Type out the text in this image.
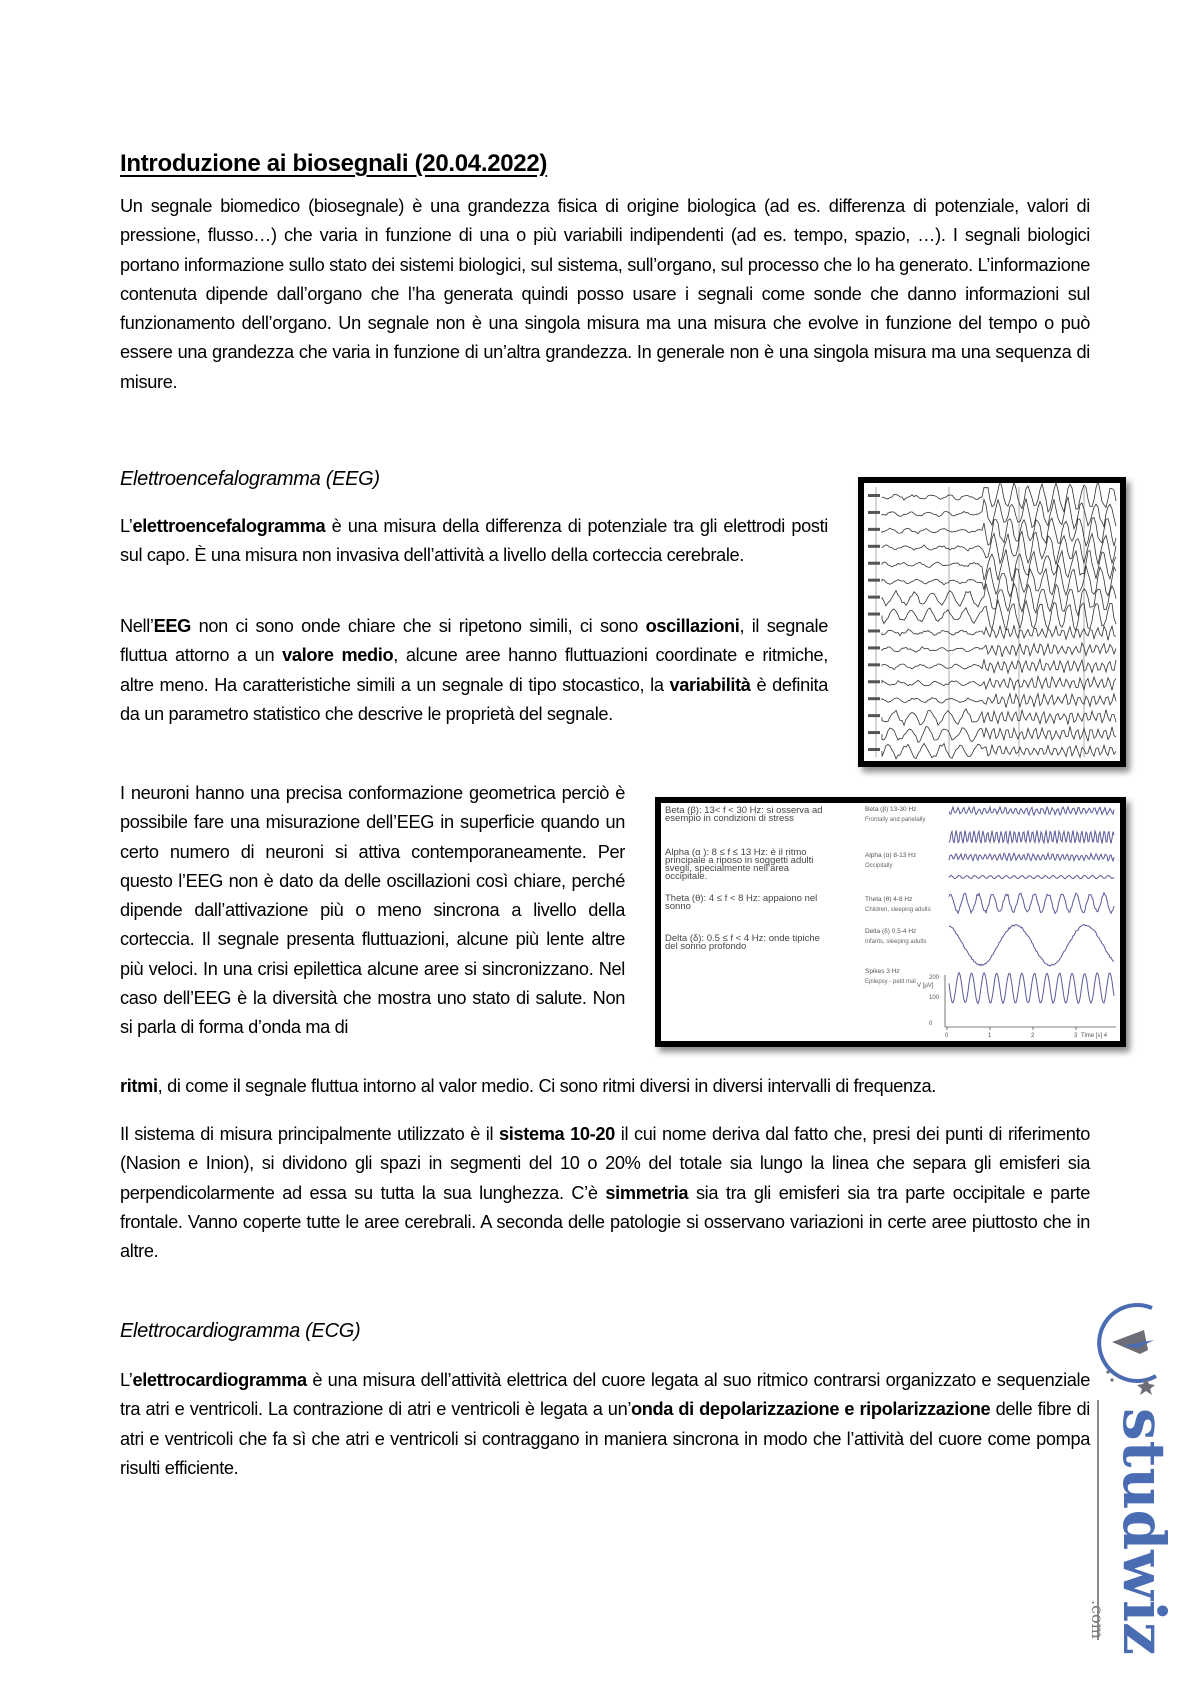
Introduzione ai biosegnali (20.04.2022)

Un segnale biomedico (biosegnale) è una grandezza fisica di origine biologica (ad es. differenza di potenziale, valori di pressione, flusso…) che varia in funzione di una o più variabili indipendenti (ad es. tempo, spazio, …). I segnali biologici portano informazione sullo stato dei sistemi biologici, sul sistema, sull’organo, sul processo che lo ha generato. L’informazione contenuta dipende dall’organo che l’ha generata quindi posso usare i segnali come sonde che danno informazioni sul funzionamento dell’organo. Un segnale non è una singola misura ma una misura che evolve in funzione del tempo o può essere una grandezza che varia in funzione di un’altra grandezza. In generale non è una singola misura ma una sequenza di misure.

Elettroencefalogramma (EEG)

L’elettroencefalogramma è una misura della differenza di potenziale tra gli elettrodi posti sul capo. È una misura non invasiva dell’attività a livello della corteccia cerebrale.

Nell’EEG non ci sono onde chiare che si ripetono simili, ci sono oscillazioni, il segnale fluttua attorno a un valore medio, alcune aree hanno fluttuazioni coordinate e ritmiche, altre meno. Ha caratteristiche simili a un segnale di tipo stocastico, la variabilità è definita da un parametro statistico che descrive le proprietà del segnale.

I neuroni hanno una precisa conformazione geometrica perciò è possibile fare una misurazione dell’EEG in superficie quando un certo numero di neuroni si attiva contemporaneamente. Per questo l’EEG non è dato da delle oscillazioni così chiare, perché dipende dall’attivazione più o meno sincrona a livello della corteccia. Il segnale presenta fluttuazioni, alcune più lente altre più veloci. In una crisi epilettica alcune aree si sincronizzano. Nel caso dell’EEG è la diversità che mostra uno stato di salute. Non si parla di forma d’onda ma di

ritmi, di come il segnale fluttua intorno al valor medio. Ci sono ritmi diversi in diversi intervalli di frequenza.

Il sistema di misura principalmente utilizzato è il sistema 10-20 il cui nome deriva dal fatto che, presi dei punti di riferimento (Nasion e Inion), si dividono gli spazi in segmenti del 10 o 20% del totale sia lungo la linea che separa gli emisferi sia perpendicolarmente ad essa su tutta la sua lunghezza. C’è simmetria sia tra gli emisferi sia tra parte occipitale e parte frontale. Vanno coperte tutte le aree cerebrali. A seconda delle patologie si osservano variazioni in certe aree piuttosto che in altre.

Elettrocardiogramma (ECG)

L’elettrocardiogramma è una misura dell’attività elettrica del cuore legata al suo ritmico contrarsi organizzato e sequenziale tra atri e ventricoli. La contrazione di atri e ventricoli è legata a un’onda di depolarizzazione e ripolarizzazione delle fibre di atri e ventricoli che fa sì che atri e ventricoli si contraggano in maniera sincrona in modo che l’attività del cuore come pompa risulti efficiente.

Beta (β): 13< f < 30 Hz: si osserva ad esempio in condizioni di stress
Alpha (α ): 8 ≤ f ≤ 13 Hz: è il ritmo principale a riposo in soggetti adulti svegli, specialmente nell’area occipitale.
Theta (θ): 4 ≤ f < 8 Hz: appaiono nel sonno
Delta (δ): 0.5 ≤ f < 4 Hz: onde tipiche del sonno profondo
Beta (β) 13-30 Hz
Frontally and parietally
Alpha (α) 8-13 Hz
Occipitally
Theta (θ) 4-8 Hz
Children, sleeping adults
Delta (δ) 0.5-4 Hz
Infants, sleeping adults
Spikes 3 Hz
Epilepsy - petit mal
V [μV]
200
100
0
0	1	2	3 Time [s] 4
studwiz
.com
